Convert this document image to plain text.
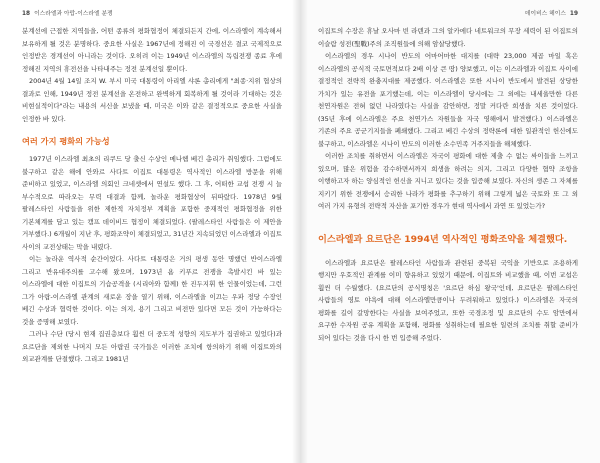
18 이스라엘과 아랍-이스라엘 분쟁

분계선에 근접한 지역들을, 어떤 종류의 평화협정이 체결되든지 간에, 이스라엘이 계속해서 보유하게 될 것은 분명하다. 중요한 사실은 1967년에 정해진 이 국경선은 결코 국제적으로 인정받은 경계선이 아니라는 것이다. 오히려 이는 1949년 이스라엘의 독립전쟁 종료 후에 정해진 지역의 휴전선을 나타내주는 정전 분계선일 뿐이다.

2004년 4월 14일 조지 W. 부시 미국 대통령이 아리엘 샤론 총리에게 "최종·지위 협상의 결과로 인해, 1949년 정전 분계선을 온전하고 완벽하게 회복하게 될 것이라 기대하는 것은 비현실적이다"라는 내용의 서신을 보냈을 때, 미국은 이와 같은 결정적으로 중요한 사실을 인정한 바 있다.

여러 가지 평화의 가능성

1977년 이스라엘 최초의 리쿠드 당 출신 수상인 메나헴 베긴 총리가 취임했다. 그럼에도 불구하고 같은 해에 안와르 사다트 이집트 대통령은 역사적인 이스라엘 방문을 위해 준비하고 있었고, 이스라엘 의회인 크네셋에서 연설도 했다. 그 후, 어떠한 교섭 전쟁 시 늘 부수적으로 따라오는 무력 대결과 함께, 놀라운 평화협상이 뒤따랐다. 1978년 9월 팔레스타인 사람들을 위한 제한적 자치정부 계획을 포함한 중재적인 평화협정을 위한 기본체계를 담고 있는 캠프 데이비드 협정이 체결되었다. (팔레스타인 사람들은 이 제안을 거부했다.) 6개월이 지난 후, 평화조약이 체결되었고, 31년간 지속되었던 이스라엘과 이집트 사이의 교전상태는 막을 내렸다.

이는 놀라운 역사적 순간이었다. 사다트 대통령은 거의 평생 동안 명했던 반이스라엘 그리고 반유대주의를 고수해 왔으며, 1973년 욤 키푸르 전쟁을 촉발시킨 바 있는 이스라엘에 대한 이집트의 기습공격을 (시리아와 함께) 한 진두지휘 한 인물이었는데, 그런 그가 아랍-이스라엘 관계의 새로운 장을 열기 위해, 이스라엘을 이끄는 우파 정당 수장인 베긴 수상과 협력한 것이다. 이는 의지, 용기 그리고 비전만 있다면 모든 것이 가능하다는 것을 증명해 보였다.

그러나 수단 (당시 현재 집권층보다 훨씬 더 중도적 성향의 지도부가 집권하고 있었다)과 요르단을 제외한 나머지 모든 아랍권 국가들은 이러한 조치에 항의하기 위해 이집트와의 외교관계를 단절했다. 그리고 1981년

데이비스 헤이스 19

이집트의 수장은 휴날 오사마 빈 라덴과 그의 알카에다 네트워크의 무장 세력이 된 이집트의 이슬람 성전(聖戰)주의 조직원들에 의해 암살당했다.

이스라엘의 경우 시나이 반도의 어마어마한 대지를 (대략 23,000 제곱 마일 혹은 이스라엘의 공식적 국토면적보다 2배 이상 큰 땅) 양보했고, 이는 이스라엘과 이집트 사이에 결정적인 전략적 완충지대를 제공했다. 이스라엘은 또한 시나이 반도에서 발견된 상당한 가치가 있는 유전을 포기했는데, 이는 이스라엘이 당시에는 그 외에는 내세울만한 다른 천연자원은 전혀 없던 나라였다는 사실을 감안하면, 정말 커다란 희생을 치른 것이었다. (35년 후에 이스라엘은 주요 천연가스 자원들을 자국 영해에서 발견했다.) 이스라엘은 기존의 주요 공군기지들을 폐쇄했다. 그리고 베긴 수상의 정략론에 대한 일관적인 헌신에도 불구하고, 이스라엘은 시나이 반도의 이러한 소수민족 거주지들을 해체했다.

이러한 조치를 취하면서 이스라엘은 자국이 평화에 대한 제출 수 없는 싸이들을 느끼고 있으며, 많은 위험을 감수하면서까지 희생을 하려는 의지, 그리고 다양한 협약 조항을 이행하고자 하는 양심적인 헌신을 지니고 있다는 것을 입증해 보였다. 자신의 생존 그 자체를 지키기 위한 전쟁에서 승리한 나라가 평화를 추구하기 위해 그렇게 넓은 국토와 또 그 외 여러 가지 유형의 전략적 자산을 포기한 경우가 현대 역사에서 과연 또 있었는가?

이스라엘과 요르단은 1994년 역사적인 평화조약을 체결했다.

이스라엘과 요르단은 팔레스타인 사람들과 관련된 중복된 국익을 기반으로 조용하게 행지만 우호적인 관계를 이미 향유하고 있었기 때문에, 이집트와 비교했을 때, 이번 교섭은 훨씬 더 수월했다. (요르단의 공식명칭은 '요르단 하심 왕국'인데, 요르단은 팔레스타인 사람들의 영토 야욕에 대해 이스라엘만큼이나 두려워하고 있었다.) 이스라엘은 자국의 평화를 길이 갈망한다는 사실을 보여주었고, 또한 국경조정 및 요르단의 수도 암만에서 요구한 수자원 공유 계획을 포함해, 평화를 성취하는데 필요한 일련의 조치를 취할 준비가 되어 있다는 것을 다시 한 번 입증해 주었다.
